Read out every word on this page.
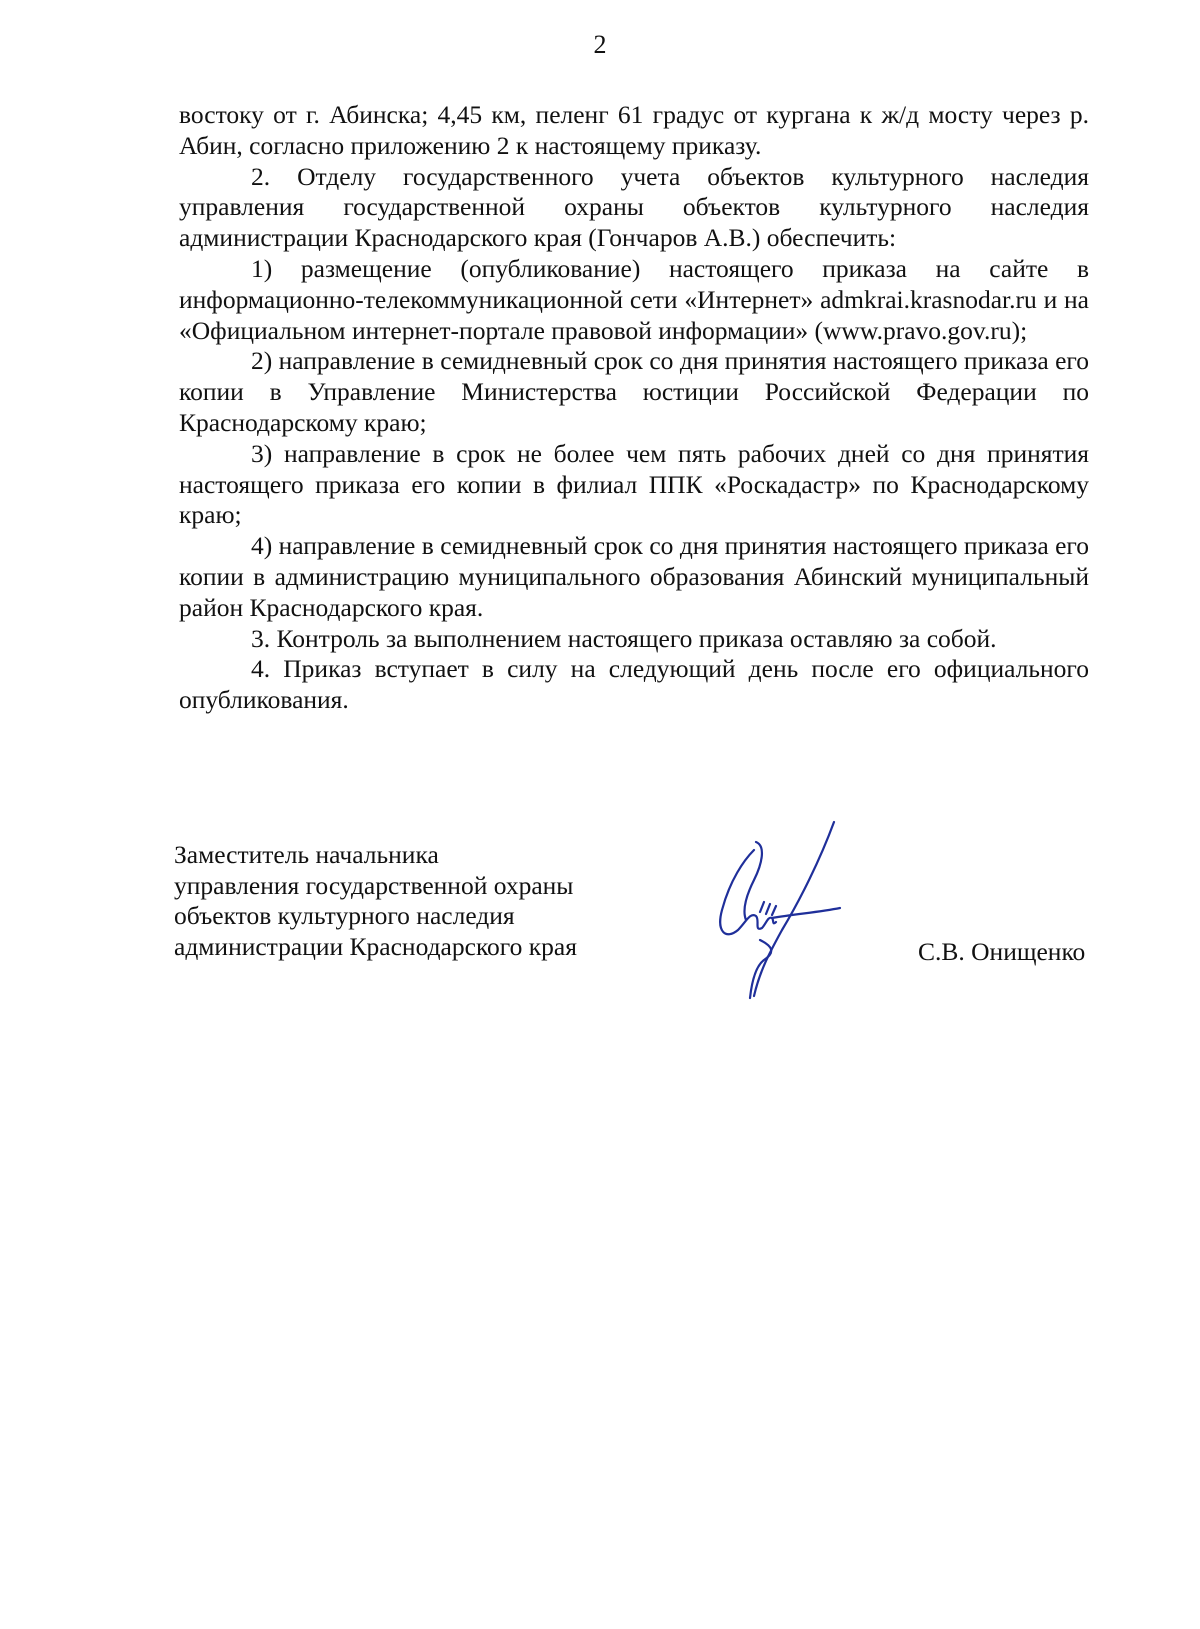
2

востоку от г. Абинска; 4,45 км, пеленг 61 градус от кургана к ж/д мосту через р. Абин, согласно приложению 2 к настоящему приказу.

2. Отделу государственного учета объектов культурного наследия управления государственной охраны объектов культурного наследия администрации Краснодарского края (Гончаров А.В.) обеспечить:

1) размещение (опубликование) настоящего приказа на сайте в информационно-телекоммуникационной сети «Интернет» admkrai.krasnodar.ru и на «Официальном интернет-портале правовой информации» (www.pravo.gov.ru);

2) направление в семидневный срок со дня принятия настоящего приказа его копии в Управление Министерства юстиции Российской Федерации по Краснодарскому краю;

3) направление в срок не более чем пять рабочих дней со дня принятия настоящего приказа его копии в филиал ППК «Роскадастр» по Краснодарскому краю;

4) направление в семидневный срок со дня принятия настоящего приказа его копии в администрацию муниципального образования Абинский муниципальный район Краснодарского края.

3. Контроль за выполнением настоящего приказа оставляю за собой.

4. Приказ вступает в силу на следующий день после его официального опубликования.

Заместитель начальника
управления государственной охраны
объектов культурного наследия
администрации Краснодарского края	С.В. Онищенко
